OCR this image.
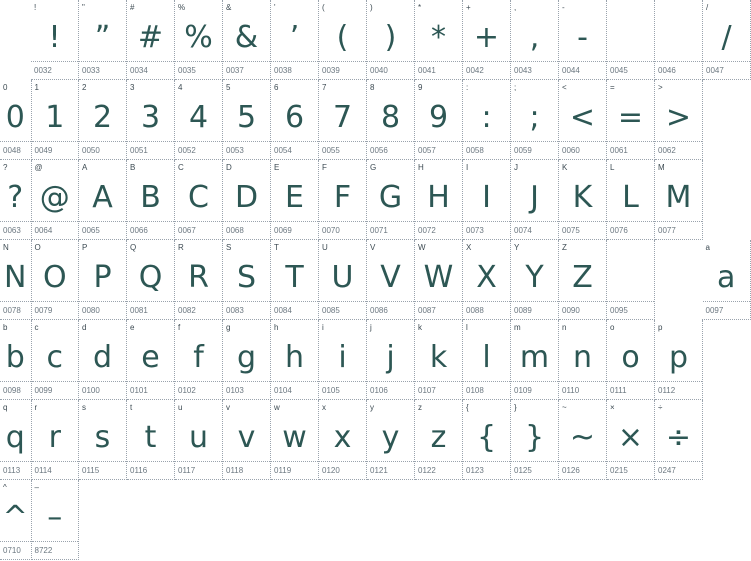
!
!
0032

"
”
0033

#
#
0034

%
%
0035

&
&
0037

'
’
0038

(
(
0039

)
)
0040

*
*
0041

+
+
0042

,
,
0043

-
-
0044	0045	0046

/
/
0047

0
0
0048

1
1
0049

2
2
0050

3
3
0051

4
4
0052

5
5
0053

6
6
0054

7
7
0055

8
8
0056

9
9
0057

:
:
0058

;
;
0059

<
<
0060

=
=
0061

>
>
0062

?
?
0063

@
@
0064

A
A
0065

B
B
0066

C
C
0067

D
D
0068

E
E
0069

F
F
0070

G
G
0071

H
H
0072

I
I
0073

J
J
0074

K
K
0075

L
L
0076

M
M
0077

N
N
0078

O
O
0079

P
P
0080

Q
Q
0081

R
R
0082

S
S
0083

T
T
0084

U
U
0085

V
V
0086

W
W
0087

X
X
0088

Y
Y
0089

Z
Z
0090	0095

a
a
0097

b
b
0098

c
c
0099

d
d
0100

e
e
0101

f
f
0102

g
g
0103

h
h
0104

i
i
0105

j
j
0106

k
k
0107

l
l
0108

m
m
0109

n
n
0110

o
o
0111

p
p
0112

q
q
0113

r
r
0114

s
s
0115

t
t
0116

u
u
0117

v
v
0118

w
w
0119

x
x
0120

y
y
0121

z
z
0122

{
{
0123

}
}
0125

~
~
0126

×
×
0215

÷
÷
0247

^
^
0710

–
–
8722
